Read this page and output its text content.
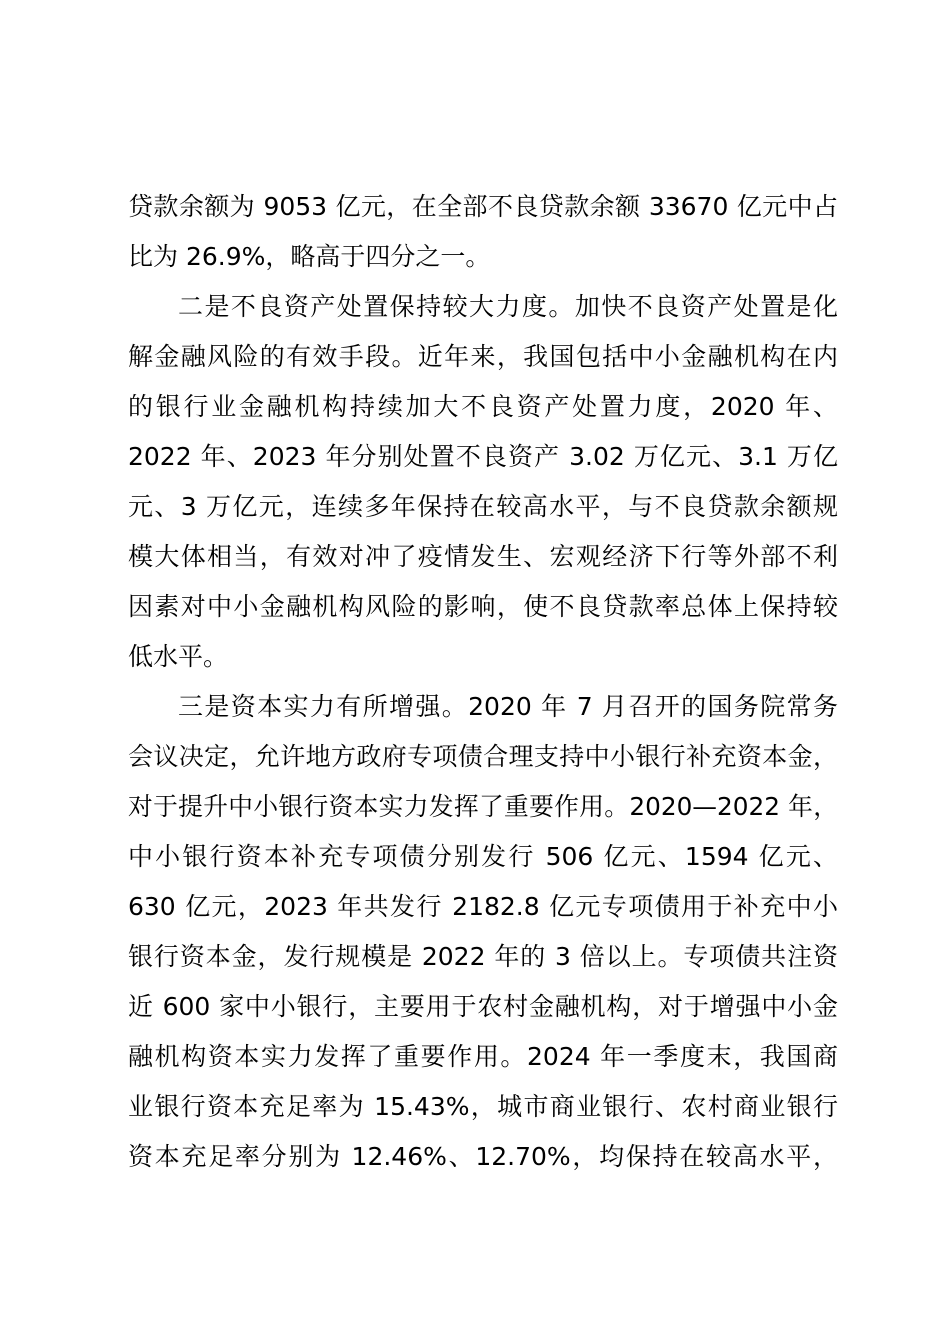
贷款余额为 9053 亿元，在全部不良贷款余额 33670 亿元中占
比为 26.9%，略高于四分之一。
二是不良资产处置保持较大力度。加快不良资产处置是化
解金融风险的有效手段。近年来，我国包括中小金融机构在内
的银行业金融机构持续加大不良资产处置力度，2020 年、
2022 年、2023 年分别处置不良资产 3.02 万亿元、3.1 万亿
元、3 万亿元，连续多年保持在较高水平，与不良贷款余额规
模大体相当，有效对冲了疫情发生、宏观经济下行等外部不利
因素对中小金融机构风险的影响，使不良贷款率总体上保持较
低水平。
三是资本实力有所增强。2020 年 7 月召开的国务院常务
会议决定，允许地方政府专项债合理支持中小银行补充资本金，
对于提升中小银行资本实力发挥了重要作用。2020—2022 年，
中小银行资本补充专项债分别发行 506 亿元、1594 亿元、
630 亿元，2023 年共发行 2182.8 亿元专项债用于补充中小
银行资本金，发行规模是 2022 年的 3 倍以上。专项债共注资
近 600 家中小银行，主要用于农村金融机构，对于增强中小金
融机构资本实力发挥了重要作用。2024 年一季度末，我国商
业银行资本充足率为 15.43%，城市商业银行、农村商业银行
资本充足率分别为 12.46%、12.70%，均保持在较高水平，
